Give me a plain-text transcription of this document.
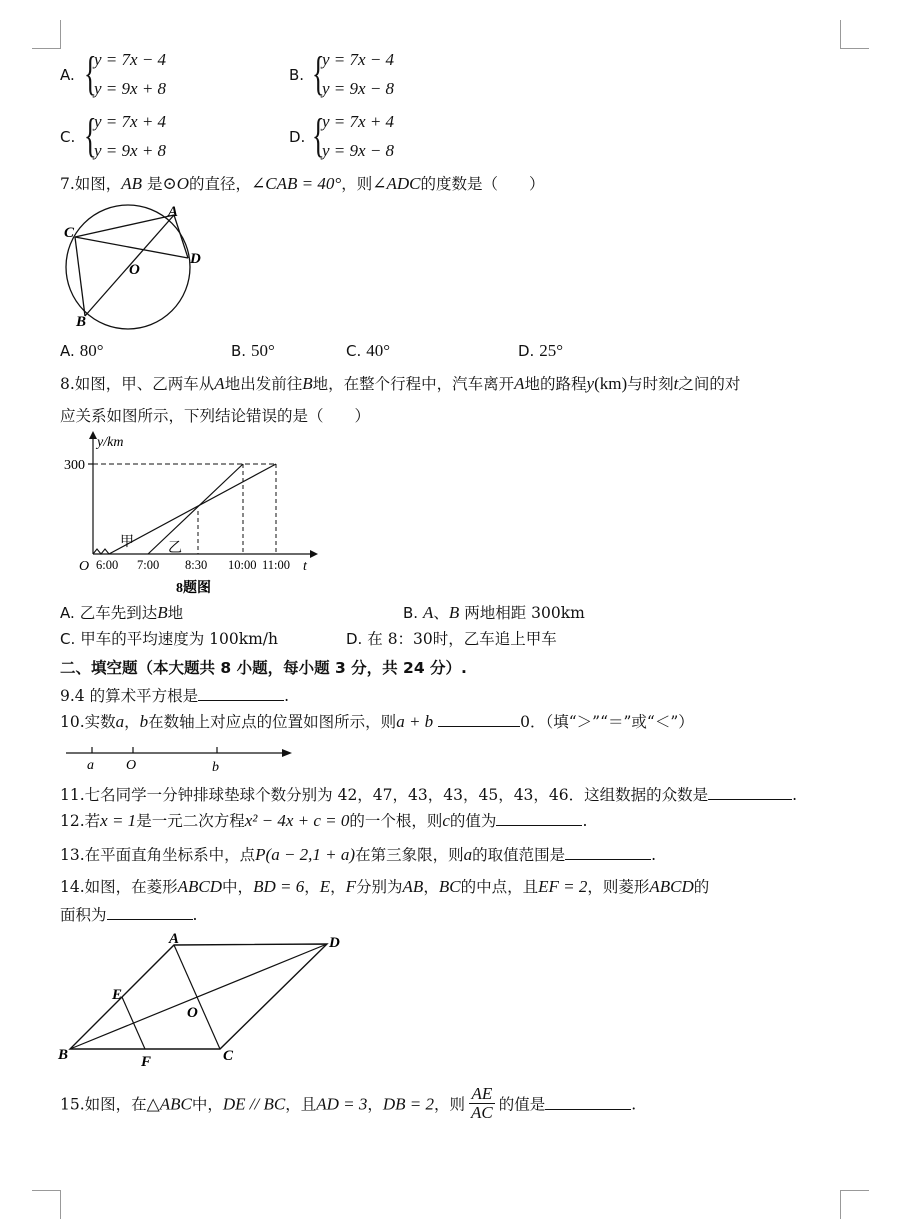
A. {
y = 7x − 4
y = 9x + 8
B. {
y = 7x − 4
y = 9x − 8
C. {
y = 7x + 4
y = 9x + 8
D. {
y = 7x + 4
y = 9x − 8
7.如图，AB 是⊙O的直径，∠CAB = 40°，则∠ADC的度数是（　　）
C
A
D
O
B
A. 80°	B. 50°	C. 40°	D. 25°
8.如图，甲、乙两车从A地出发前往B地，在整个行程中，汽车离开A地的路程y(km)与时刻t之间的对
应关系如图所示，下列结论错误的是（　　）
y/km
300
O	t
6:00 7:00 8:30 10:00 11:00
甲 乙
8题图
A. 乙车先到达B地	B. A、B 两地相距 300km
C. 甲车的平均速度为 100km/h	D. 在 8：30时，乙车追上甲车
二、填空题（本大题共 8 小题，每小题 3 分，共 24 分）.
9.4 的算术平方根是	.
10.实数a，b在数轴上对应点的位置如图所示，则a + b	0．（填“＞”“＝”或“＜”）
a O	b
11.七名同学一分钟排球垫球个数分别为 42，47，43，43，45，43，46．这组数据的众数是	.
12.若x = 1是一元二次方程x² − 4x + c = 0的一个根，则c的值为	.
13.在平面直角坐标系中，点P(a − 2,1 + a)在第三象限，则a的取值范围是	.
14.如图，在菱形ABCD中，BD = 6，E，F分别为AB，BC的中点，且EF = 2，则菱形ABCD的
面积为	.
A	D
E
O
B	F	C
15.如图，在△ABC中，DE // BC，且AD = 3，DB = 2，则 $\frac{AE}{AC}$ 的值是	.
